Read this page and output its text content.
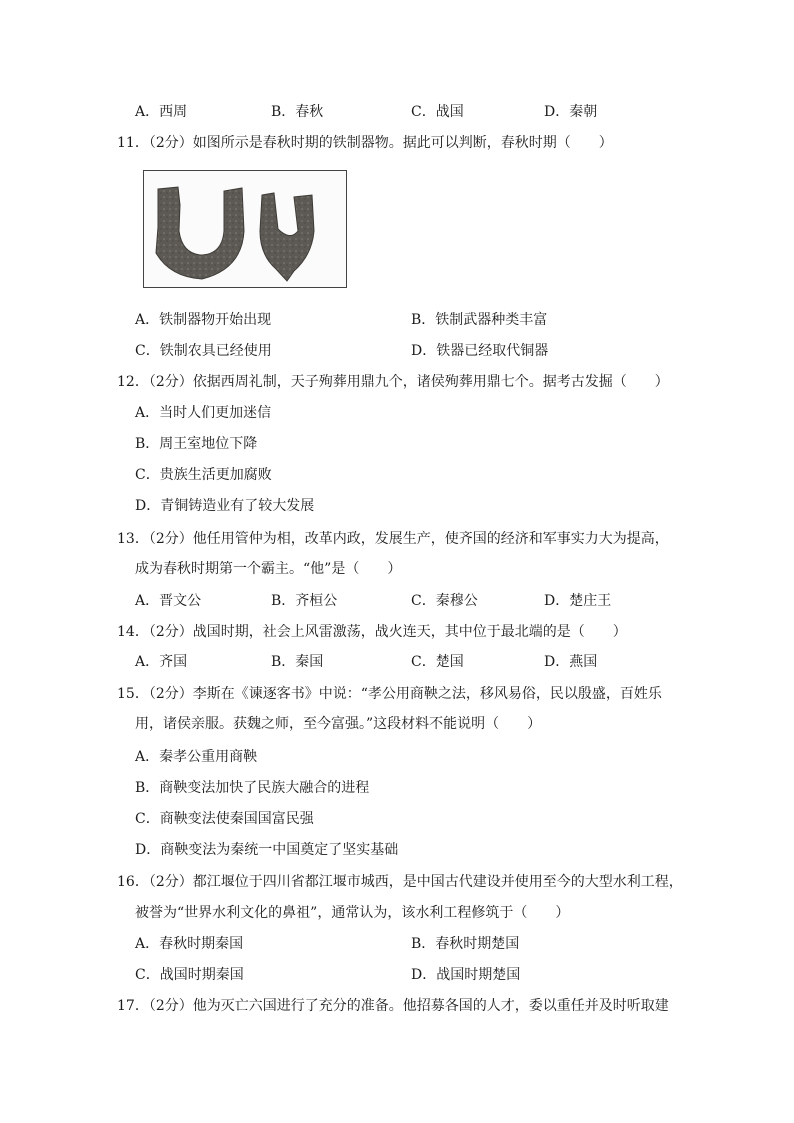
A．西周	B．春秋	C．战国	D．秦朝
11．（2分）如图所示是春秋时期的铁制器物。据此可以判断，春秋时期（　　）
A．铁制器物开始出现	B．铁制武器种类丰富
C．铁制农具已经使用	D．铁器已经取代铜器
12．（2分）依据西周礼制，天子殉葬用鼎九个，诸侯殉葬用鼎七个。据考古发掘（　　）
A．当时人们更加迷信
B．周王室地位下降
C．贵族生活更加腐败
D．青铜铸造业有了较大发展
13．（2分）他任用管仲为相，改革内政，发展生产，使齐国的经济和军事实力大为提高，
成为春秋时期第一个霸主。“他”是（　　）
A．晋文公	B．齐桓公	C．秦穆公	D．楚庄王
14．（2分）战国时期，社会上风雷激荡，战火连天，其中位于最北端的是（　　）
A．齐国	B．秦国	C．楚国	D．燕国
15．（2分）李斯在《谏逐客书》中说：“孝公用商鞅之法，移风易俗，民以殷盛，百姓乐
用，诸侯亲服。获魏之师，至今富强。”这段材料不能说明（　　）
A．秦孝公重用商鞅
B．商鞅变法加快了民族大融合的进程
C．商鞅变法使秦国国富民强
D．商鞅变法为秦统一中国奠定了坚实基础
16．（2分）都江堰位于四川省都江堰市城西，是中国古代建设并使用至今的大型水利工程，
被誉为“世界水利文化的鼻祖”，通常认为，该水利工程修筑于（　　）
A．春秋时期秦国	B．春秋时期楚国
C．战国时期秦国	D．战国时期楚国
17．（2分）他为灭亡六国进行了充分的准备。他招募各国的人才，委以重任并及时听取建
